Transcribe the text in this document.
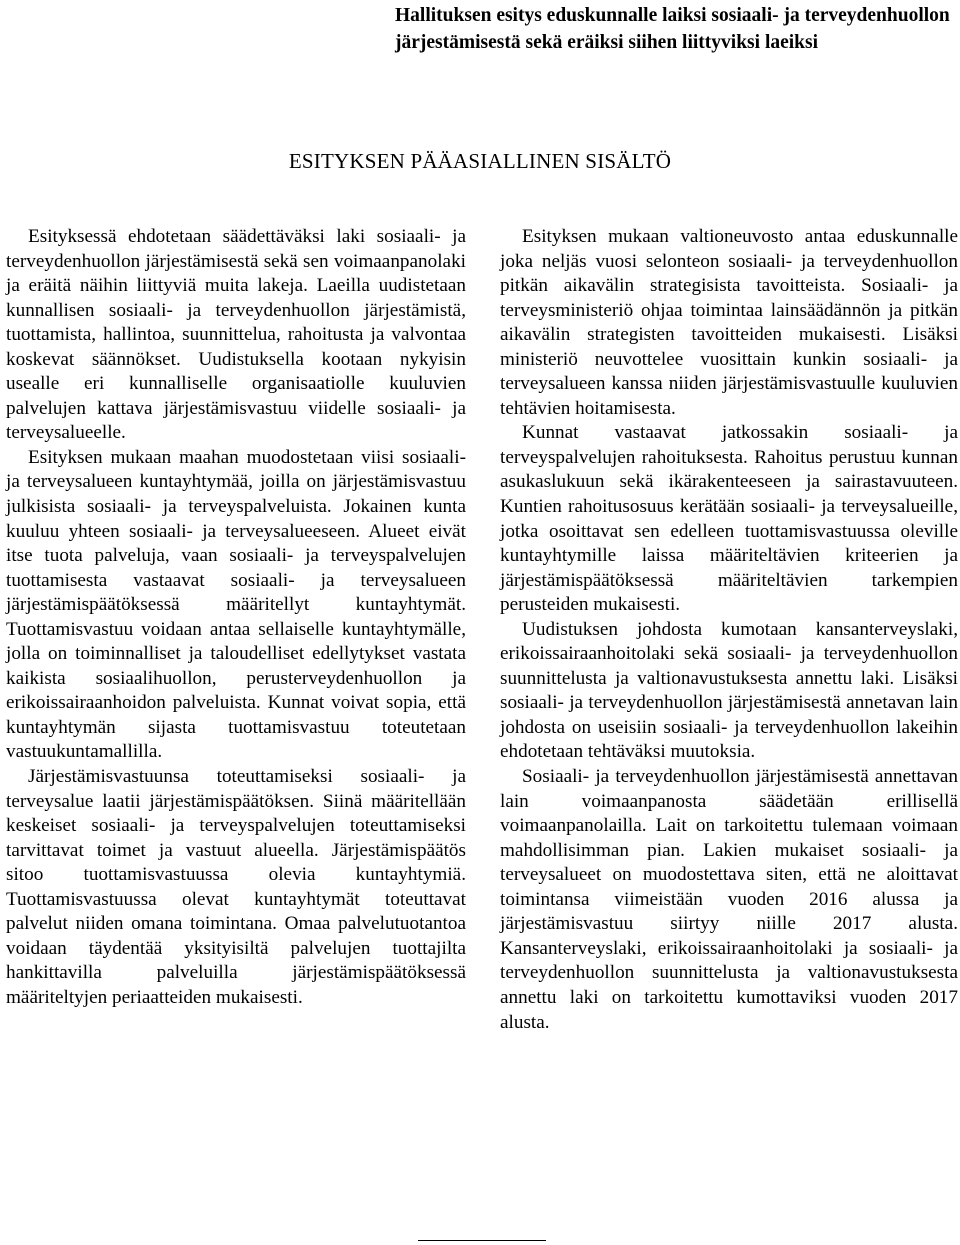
Hallituksen esitys eduskunnalle laiksi sosiaali- ja terveydenhuollon järjestämisestä sekä eräiksi siihen liittyviksi laeiksi
ESITYKSEN PÄÄASIALLINEN SISÄLTÖ

Esityksessä ehdotetaan säädettäväksi laki sosiaali- ja terveydenhuollon järjestämisestä sekä sen voimaanpanolaki ja eräitä näihin liittyviä muita lakeja. Laeilla uudistetaan kunnallisen sosiaali- ja terveydenhuollon järjestämistä, tuottamista, hallintoa, suunnittelua, rahoitusta ja valvontaa koskevat säännökset. Uudistuksella kootaan nykyisin usealle eri kunnalliselle organisaatiolle kuuluvien palvelujen kattava järjestämisvastuu viidelle sosiaali- ja terveysalueelle.

Esityksen mukaan maahan muodostetaan viisi sosiaali- ja terveysalueen kuntayhtymää, joilla on järjestämisvastuu julkisista sosiaali- ja terveyspalveluista. Jokainen kunta kuuluu yhteen sosiaali- ja terveysalueeseen. Alueet eivät itse tuota palveluja, vaan sosiaali- ja terveyspalvelujen tuottamisesta vastaavat sosiaali- ja terveysalueen järjestämispäätöksessä määritellyt kuntayhtymät. Tuottamisvastuu voidaan antaa sellaiselle kuntayhtymälle, jolla on toiminnalliset ja taloudelliset edellytykset vastata kaikista sosiaalihuollon, perusterveydenhuollon ja erikoissairaanhoidon palveluista. Kunnat voivat sopia, että kuntayhtymän sijasta tuottamisvastuu toteutetaan vastuukuntamallilla.

Järjestämisvastuunsa toteuttamiseksi sosiaali- ja terveysalue laatii järjestämispäätöksen. Siinä määritellään keskeiset sosiaali- ja terveyspalvelujen toteuttamiseksi tarvittavat toimet ja vastuut alueella. Järjestämispäätös sitoo tuottamisvastuussa olevia kuntayhtymiä. Tuottamisvastuussa olevat kuntayhtymät toteuttavat palvelut niiden omana toimintana. Omaa palvelutuotantoa voidaan täydentää yksityisiltä palvelujen tuottajilta hankittavilla palveluilla järjestämispäätöksessä määriteltyjen periaatteiden mukaisesti.

Esityksen mukaan valtioneuvosto antaa eduskunnalle joka neljäs vuosi selonteon sosiaali- ja terveydenhuollon pitkän aikavälin strategisista tavoitteista. Sosiaali- ja terveysministeriö ohjaa toimintaa lainsäädännön ja pitkän aikavälin strategisten tavoitteiden mukaisesti. Lisäksi ministeriö neuvottelee vuosittain kunkin sosiaali- ja terveysalueen kanssa niiden järjestämisvastuulle kuuluvien tehtävien hoitamisesta.

Kunnat vastaavat jatkossakin sosiaali- ja terveyspalvelujen rahoituksesta. Rahoitus perustuu kunnan asukaslukuun sekä ikärakenteeseen ja sairastavuuteen. Kuntien rahoitusosuus kerätään sosiaali- ja terveysalueille, jotka osoittavat sen edelleen tuottamisvastuussa oleville kuntayhtymille laissa määriteltävien kriteerien ja järjestämispäätöksessä määriteltävien tarkempien perusteiden mukaisesti.

Uudistuksen johdosta kumotaan kansanterveyslaki, erikoissairaanhoitolaki sekä sosiaali- ja terveydenhuollon suunnittelusta ja valtionavustuksesta annettu laki. Lisäksi sosiaali- ja terveydenhuollon järjestämisestä annetavan lain johdosta on useisiin sosiaali- ja terveydenhuollon lakeihin ehdotetaan tehtäväksi muutoksia.

Sosiaali- ja terveydenhuollon järjestämisestä annettavan lain voimaanpanosta säädetään erillisellä voimaanpanolailla. Lait on tarkoitettu tulemaan voimaan mahdollisimman pian. Lakien mukaiset sosiaali- ja terveysalueet on muodostettava siten, että ne aloittavat toimintansa viimeistään vuoden 2016 alussa ja järjestämisvastuu siirtyy niille 2017 alusta. Kansanterveyslaki, erikoissairaanhoitolaki ja sosiaali- ja terveydenhuollon suunnittelusta ja valtionavustuksesta annettu laki on tarkoitettu kumottaviksi vuoden 2017 alusta.
